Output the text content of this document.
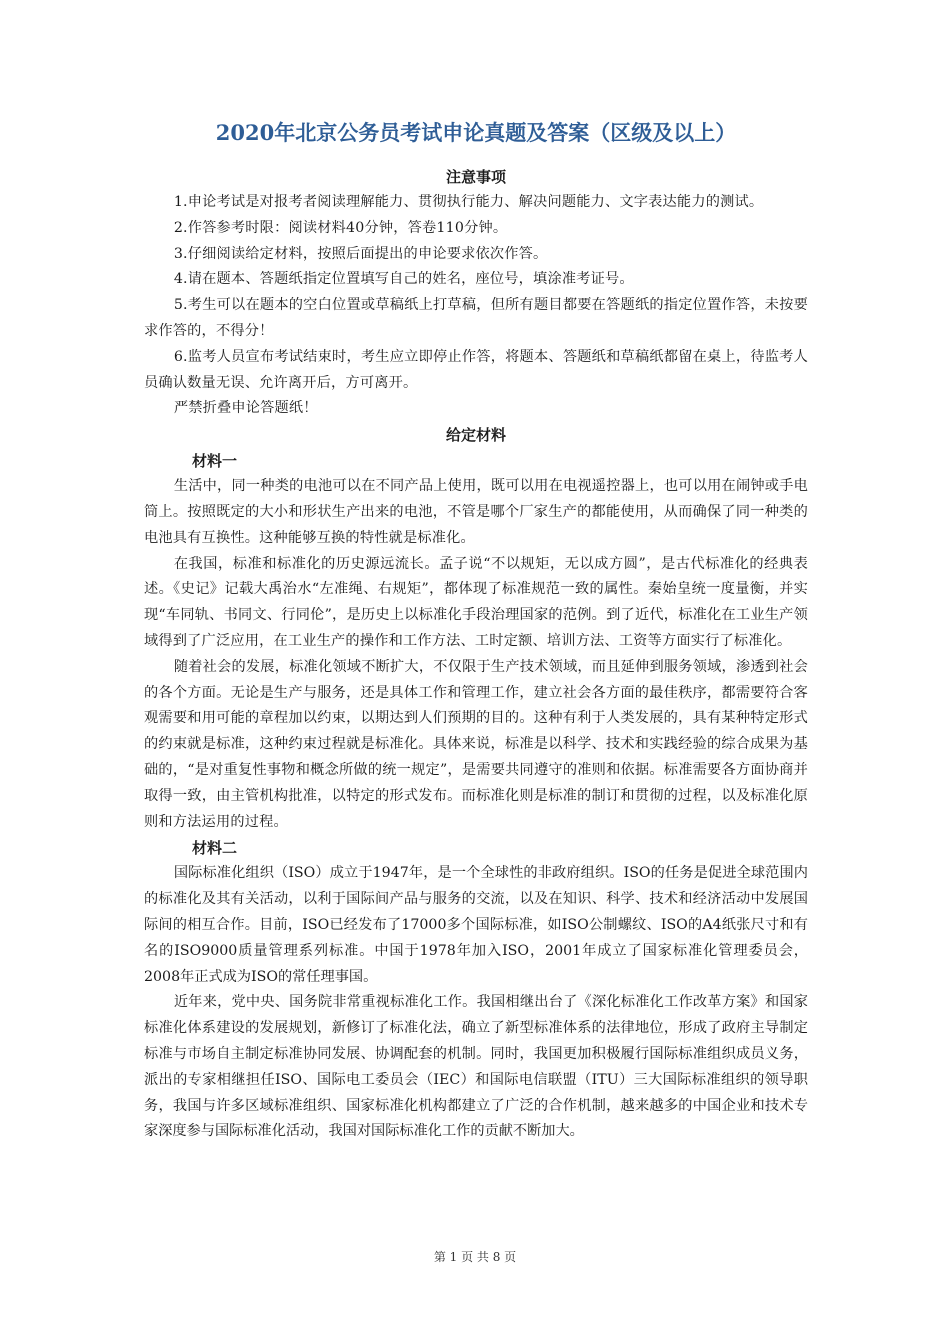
2020年北京公务员考试申论真题及答案（区级及以上）
注意事项

1.申论考试是对报考者阅读理解能力、贯彻执行能力、解决问题能力、文字表达能力的测试。

2.作答参考时限：阅读材料40分钟，答卷110分钟。

3.仔细阅读给定材料，按照后面提出的申论要求依次作答。

4.请在题本、答题纸指定位置填写自己的姓名，座位号，填涂准考证号。

5.考生可以在题本的空白位置或草稿纸上打草稿，但所有题目都要在答题纸的指定位置作答，未按要求作答的，不得分！

6.监考人员宣布考试结束时，考生应立即停止作答，将题本、答题纸和草稿纸都留在桌上，待监考人员确认数量无误、允许离开后，方可离开。

严禁折叠申论答题纸！

给定材料
材料一

生活中，同一种类的电池可以在不同产品上使用，既可以用在电视遥控器上，也可以用在闹钟或手电筒上。按照既定的大小和形状生产出来的电池，不管是哪个厂家生产的都能使用，从而确保了同一种类的电池具有互换性。这种能够互换的特性就是标准化。

在我国，标准和标准化的历史源远流长。孟子说“不以规矩，无以成方圆”，是古代标准化的经典表述。《史记》记载大禹治水“左准绳、右规矩”，都体现了标准规范一致的属性。秦始皇统一度量衡，并实现“车同轨、书同文、行同伦”，是历史上以标准化手段治理国家的范例。到了近代，标准化在工业生产领域得到了广泛应用，在工业生产的操作和工作方法、工时定额、培训方法、工资等方面实行了标准化。

随着社会的发展，标准化领域不断扩大，不仅限于生产技术领域，而且延伸到服务领域，渗透到社会的各个方面。无论是生产与服务，还是具体工作和管理工作，建立社会各方面的最佳秩序，都需要符合客观需要和用可能的章程加以约束，以期达到人们预期的目的。这种有利于人类发展的，具有某种特定形式的约束就是标准，这种约束过程就是标准化。具体来说，标准是以科学、技术和实践经验的综合成果为基础的，“是对重复性事物和概念所做的统一规定”，是需要共同遵守的准则和依据。标准需要各方面协商并取得一致，由主管机构批准，以特定的形式发布。而标准化则是标准的制订和贯彻的过程，以及标准化原则和方法运用的过程。

材料二

国际标准化组织（ISO）成立于1947年，是一个全球性的非政府组织。ISO的任务是促进全球范围内的标准化及其有关活动，以利于国际间产品与服务的交流，以及在知识、科学、技术和经济活动中发展国际间的相互合作。目前，ISO已经发布了17000多个国际标准，如ISO公制螺纹、ISO的A4纸张尺寸和有名的ISO9000质量管理系列标准。中国于1978年加入ISO，2001年成立了国家标准化管理委员会，2008年正式成为ISO的常任理事国。

近年来，党中央、国务院非常重视标准化工作。我国相继出台了《深化标准化工作改革方案》和国家标准化体系建设的发展规划，新修订了标准化法，确立了新型标准体系的法律地位，形成了政府主导制定标准与市场自主制定标准协同发展、协调配套的机制。同时，我国更加积极履行国际标准组织成员义务，派出的专家相继担任ISO、国际电工委员会（IEC）和国际电信联盟（ITU）三大国际标准组织的领导职务，我国与许多区域标准组织、国家标准化机构都建立了广泛的合作机制，越来越多的中国企业和技术专家深度参与国际标准化活动，我国对国际标准化工作的贡献不断加大。

第 1 页 共 8 页
